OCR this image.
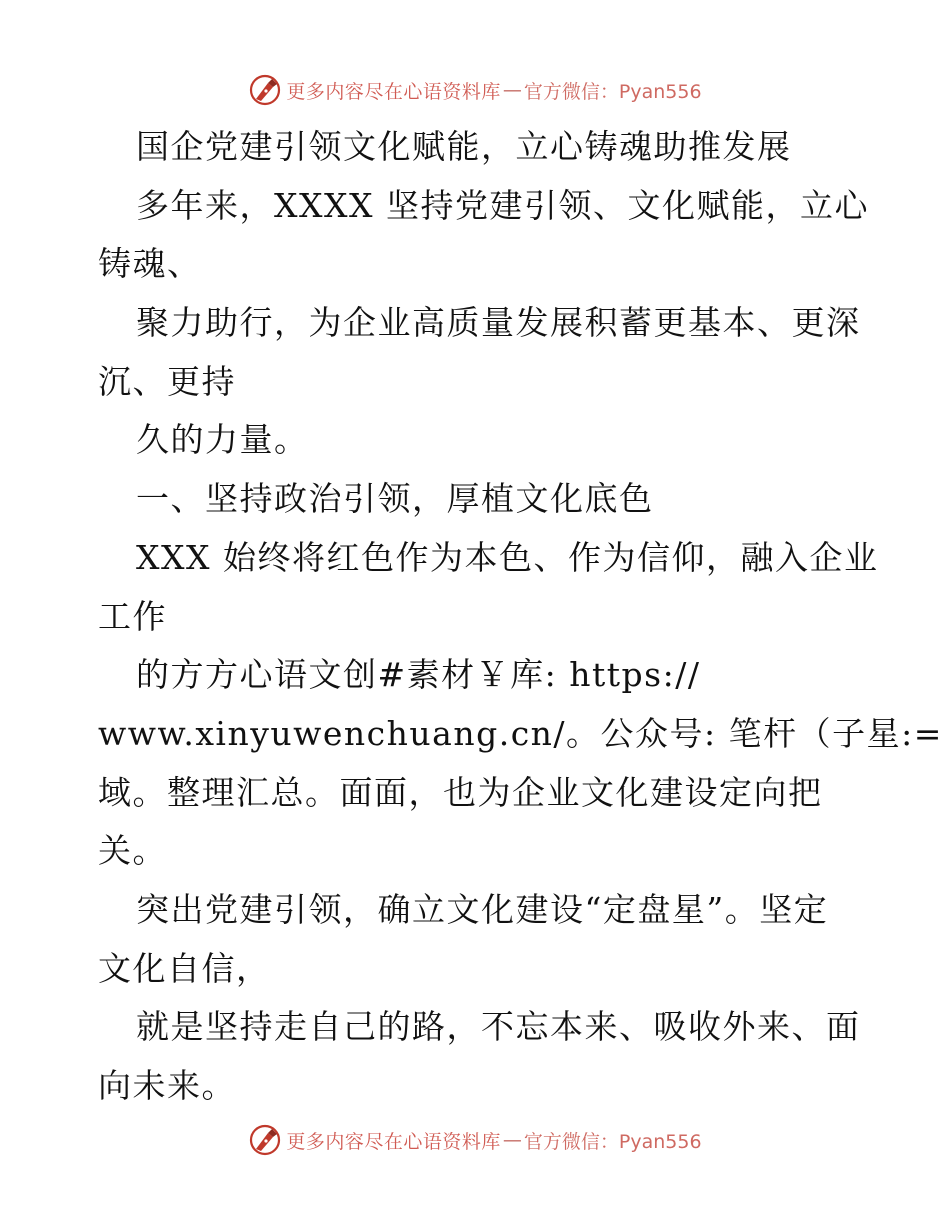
更多内容尽在心语资料库 — 官方微信：Pyan556
国企党建引领文化赋能，立心铸魂助推发展
多年来，XXXX 坚持党建引领、文化赋能，立心
铸魂、
聚力助行，为企业高质量发展积蓄更基本、更深
沉、更持
久的力量。
一、坚持政治引领，厚植文化底色
XXX 始终将红色作为本色、作为信仰，融入企业
工作
的方方心语文创#素材￥库: https://
www.xinyuwenchuang.cn/。公众号: 笔杆（子星:=
域。整理汇总。面面，也为企业文化建设定向把
关。
突出党建引领，确立文化建设“定盘星”。坚定
文化自信，
就是坚持走自己的路，不忘本来、吸收外来、面
向未来。
更多内容尽在心语资料库 — 官方微信：Pyan556
